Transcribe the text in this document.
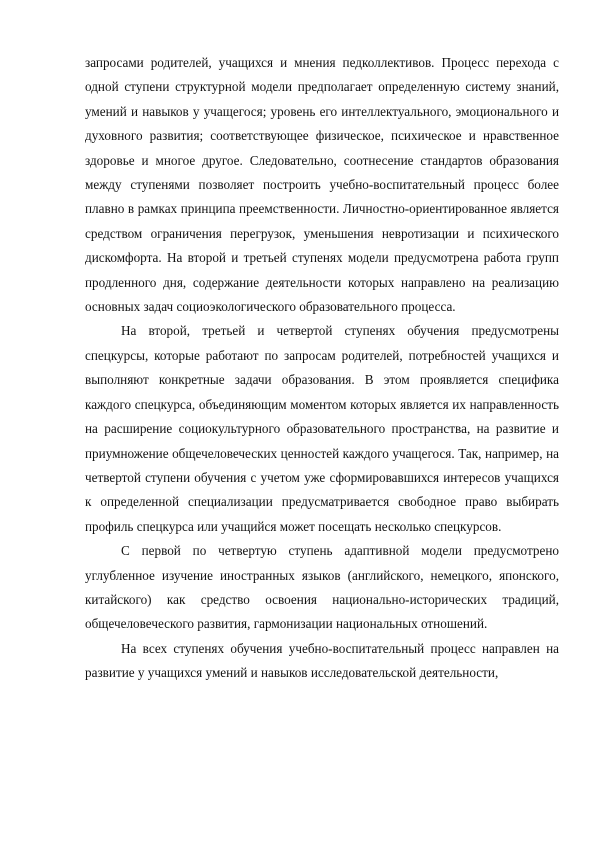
запросами родителей, учащихся и мнения педколлективов. Процесс перехода с одной ступени структурной модели предполагает определенную систему знаний, умений и навыков у учащегося; уровень его интеллектуального, эмоционального и духовного развития; соответствующее физическое, психическое и нравственное здоровье и многое другое. Следовательно, соотнесение стандартов образования между ступенями позволяет построить учебно-воспитательный процесс более плавно в рамках принципа преемственности. Личностно-ориентированное является средством ограничения перегрузок, уменьшения невротизации и психического дискомфорта. На второй и третьей ступенях модели предусмотрена работа групп продленного дня, содержание деятельности которых направлено на реализацию основных задач социоэкологического образовательного процесса.

На второй, третьей и четвертой ступенях обучения предусмотрены спецкурсы, которые работают по запросам родителей, потребностей учащихся и выполняют конкретные задачи образования. В этом проявляется специфика каждого спецкурса, объединяющим моментом которых является их направленность на расширение социокультурного образовательного пространства, на развитие и приумножение общечеловеческих ценностей каждого учащегося. Так, например, на четвертой ступени обучения с учетом уже сформировавшихся интересов учащихся к определенной специализации предусматривается свободное право выбирать профиль спецкурса или учащийся может посещать несколько спецкурсов.

С первой по четвертую ступень адаптивной модели предусмотрено углубленное изучение иностранных языков (английского, немецкого, японского, китайского) как средство освоения национально-исторических традиций, общечеловеческого развития, гармонизации национальных отношений.

На всех ступенях обучения учебно-воспитательный процесс направлен на развитие у учащихся умений и навыков исследовательской деятельности,
